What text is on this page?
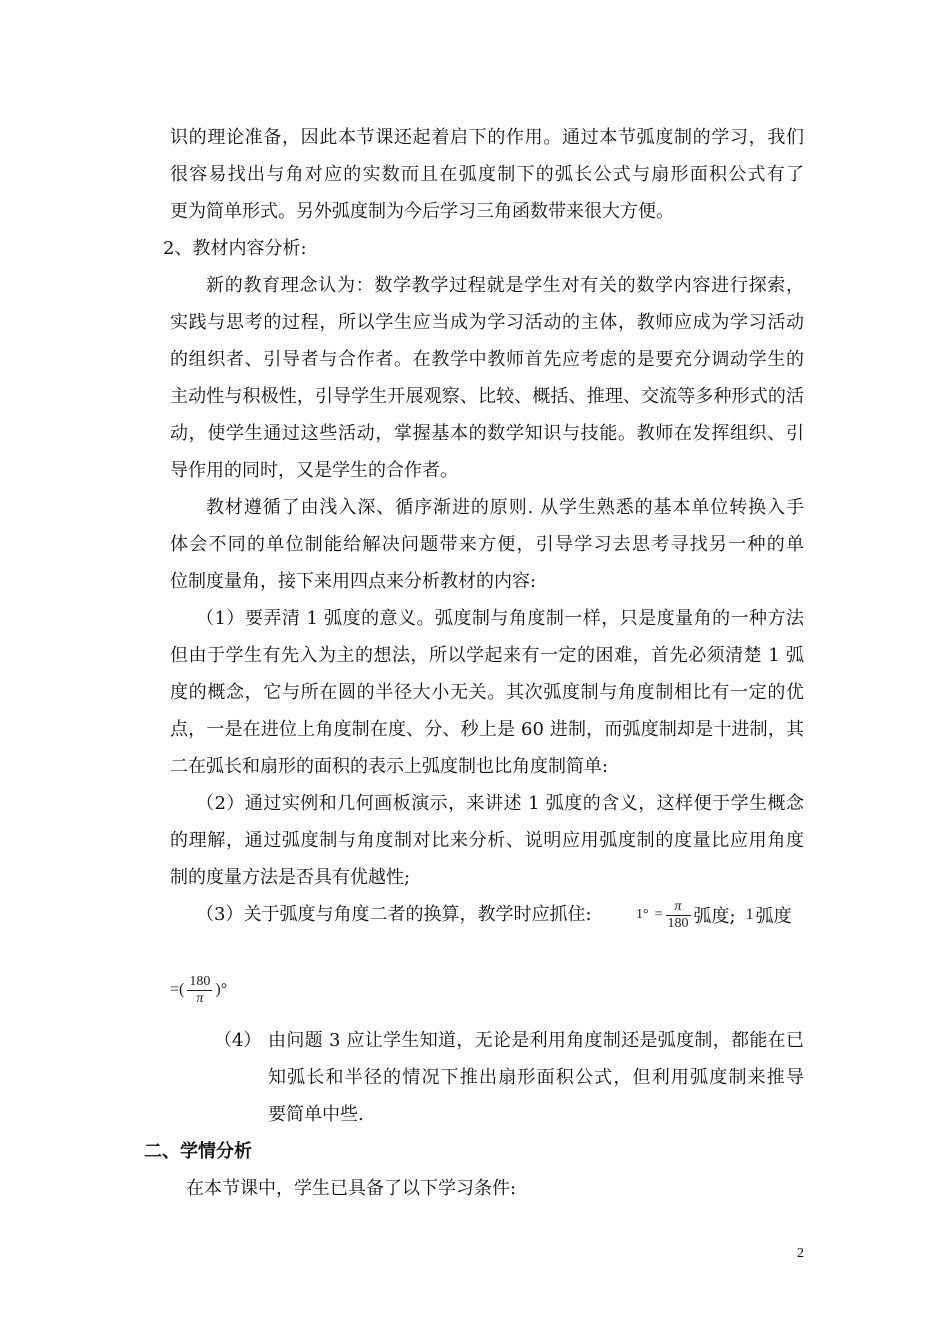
识的理论准备，因此本节课还起着启下的作用。通过本节弧度制的学习，我们
很容易找出与角对应的实数而且在弧度制下的弧长公式与扇形面积公式有了
更为简单形式。另外弧度制为今后学习三角函数带来很大方便。
2、教材内容分析:
新的教育理念认为：数学教学过程就是学生对有关的数学内容进行探索，
实践与思考的过程，所以学生应当成为学习活动的主体，教师应成为学习活动
的组织者、引导者与合作者。在教学中教师首先应考虑的是要充分调动学生的
主动性与积极性，引导学生开展观察、比较、概括、推理、交流等多种形式的活
动，使学生通过这些活动，掌握基本的数学知识与技能。教师在发挥组织、引
导作用的同时，又是学生的合作者。
教材遵循了由浅入深、循序渐进的原则. 从学生熟悉的基本单位转换入手
体会不同的单位制能给解决问题带来方便，引导学习去思考寻找另一种的单
位制度量角，接下来用四点来分析教材的内容:
（1）要弄清 1 弧度的意义。弧度制与角度制一样，只是度量角的一种方法
但由于学生有先入为主的想法，所以学起来有一定的困难，首先必须清楚 1 弧
度的概念，它与所在圆的半径大小无关。其次弧度制与角度制相比有一定的优
点，一是在进位上角度制在度、分、秒上是 60 进制，而弧度制却是十进制，其
二在弧长和扇形的面积的表示上弧度制也比角度制简单:
（2）通过实例和几何画板演示，来讲述 1 弧度的含义，这样便于学生概念
的理解，通过弧度制与角度制对比来分析、说明应用弧度制的度量比应用角度
制的度量方法是否具有优越性;
（3）关于弧度与角度二者的换算，教学时应抓住:	$1^\circ = \frac{\pi}{180}$ 弧度; 1 弧度
=( $\frac{180}{\pi}$ )°
（4） 由问题 3 应让学生知道，无论是利用角度制还是弧度制，都能在已
知弧长和半径的情况下推出扇形面积公式，但利用弧度制来推导
要简单中些.
二、学情分析
在本节课中，学生已具备了以下学习条件:
2
